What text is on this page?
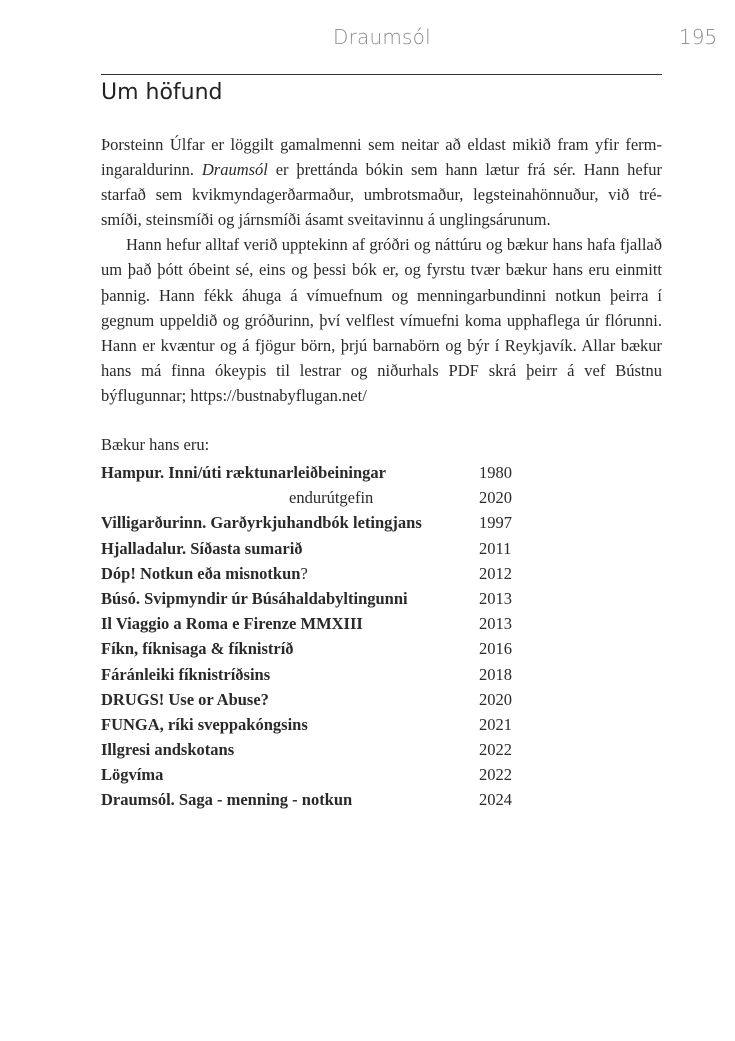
Draumsól	195
Um höfund

Þorsteinn Úlfar er löggilt gamalmenni sem neitar að eldast mikið fram yfir ferm-ingaraldurinn. Draumsól er þrettánda bókin sem hann lætur frá sér. Hann hefur starfað sem kvikmyndagerðarmaður, umbrotsmaður, legsteinahönnuður, við tré-smíði, steinsmíði og járnsmíði ásamt sveitavinnu á unglingsárunum.

Hann hefur alltaf verið upptekinn af gróðri og náttúru og bækur hans hafa fjallað um það þótt óbeint sé, eins og þessi bók er, og fyrstu tvær bækur hans eru einmitt þannig. Hann fékk áhuga á vímuefnum og menningarbundinni notkun þeirra í gegnum uppeldið og gróðurinn, því velflest vímuefni koma upphaflega úr flórunni. Hann er kvæntur og á fjögur börn, þrjú barnabörn og býr í Reykjavík. Allar bækur hans má finna ókeypis til lestrar og niðurhals PDF skrá þeirr á vef Bústnu býflugunnar; https://bustnabyflugan.net/

Bækur hans eru:
Hampur. Inni/úti ræktunarleiðbeiningar	1980
endurútgefin	2020
Villigarðurinn. Garðyrkjuhandbók letingjans	1997
Hjalladalur. Síðasta sumarið	2011
Dóp! Notkun eða misnotkun?	2012
Búsó. Svipmyndir úr Búsáhaldabyltingunni	2013
Il Viaggio a Roma e Firenze MMXIII	2013
Fíkn, fíknisaga & fíknistríð	2016
Fáránleiki fíknistríðsins	2018
DRUGS! Use or Abuse?	2020
FUNGA, ríki sveppakóngsins	2021
Illgresi andskotans	2022
Lögvíma	2022
Draumsól. Saga - menning - notkun	2024
